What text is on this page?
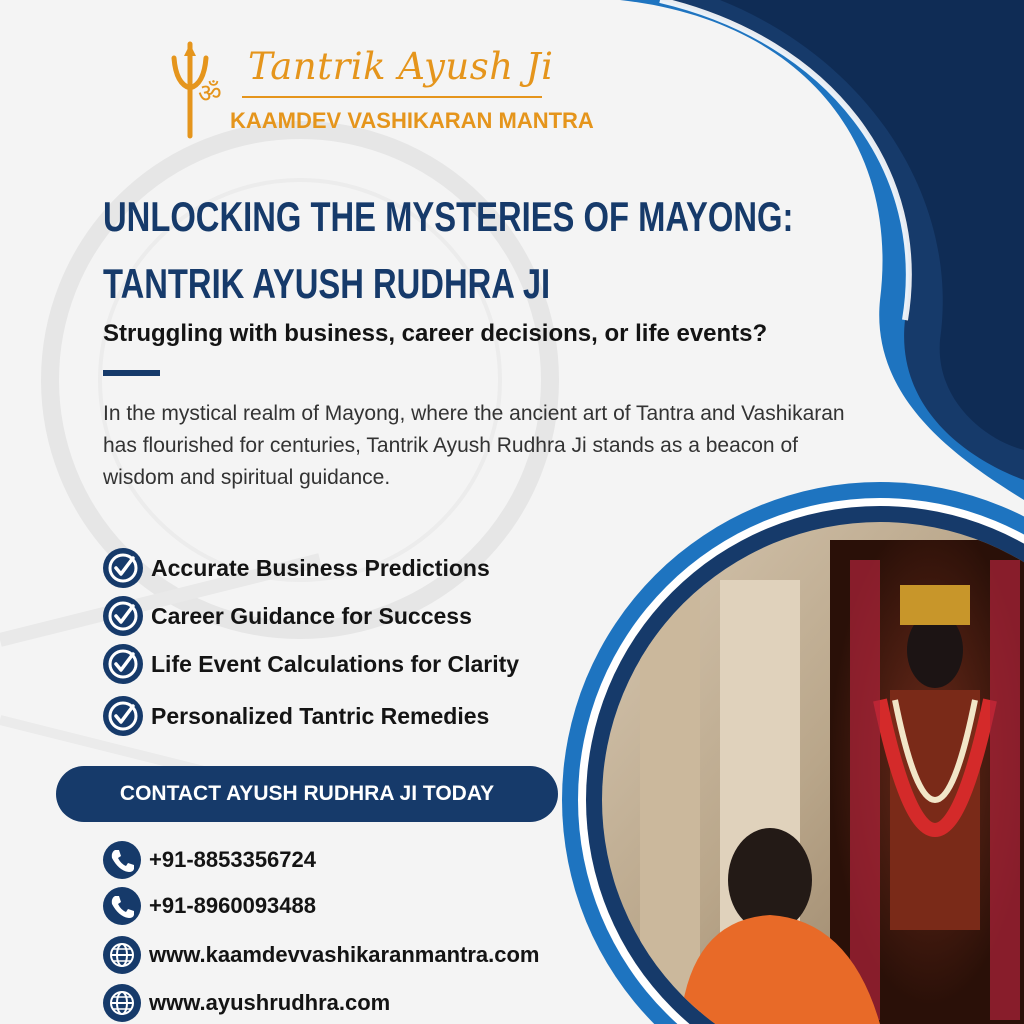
ॐ
Tantrik Ayush Ji
KAAMDEV VASHIKARAN MANTRA
UNLOCKING THE MYSTERIES OF MAYONG:
TANTRIK AYUSH RUDHRA JI
Struggling with business, career decisions, or life events?
In the mystical realm of Mayong, where the ancient art of Tantra and Vashikaran has flourished for centuries, Tantrik Ayush Rudhra Ji stands as a beacon of wisdom and spiritual guidance.
Accurate Business Predictions
Career Guidance for Success
Life Event Calculations for Clarity
Personalized Tantric Remedies
CONTACT AYUSH RUDHRA JI TODAY
+91-8853356724
+91-8960093488
www.kaamdevvashikaranmantra.com
www.ayushrudhra.com
